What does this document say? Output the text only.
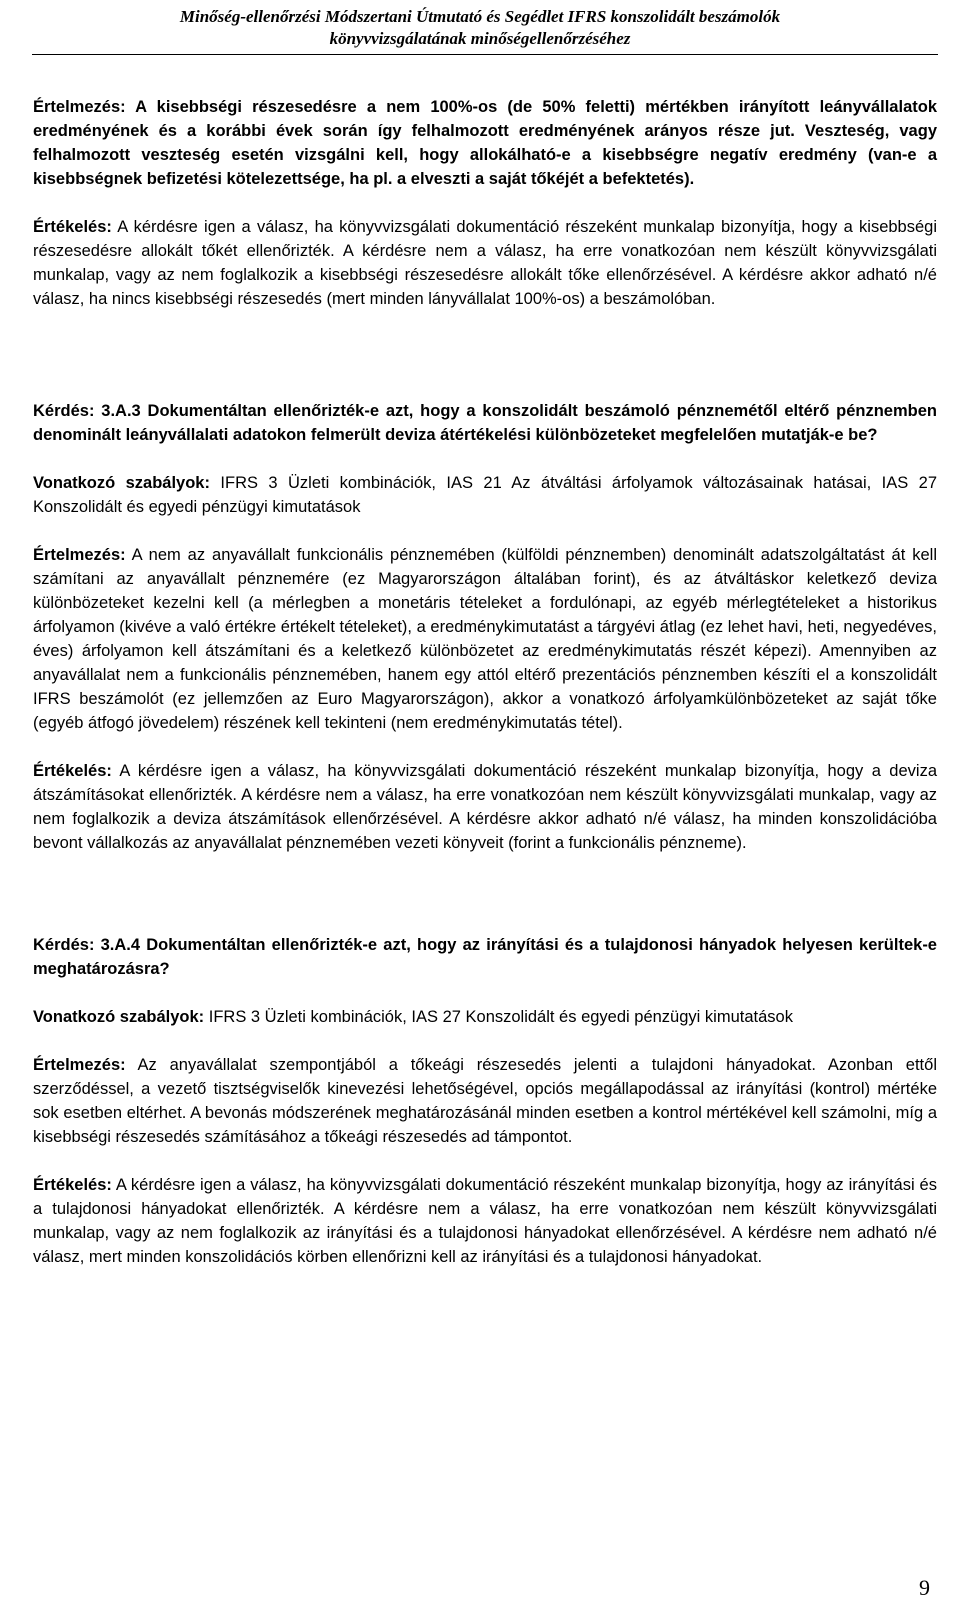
Minőség-ellenőrzési Módszertani Útmutató és Segédlet IFRS konszolidált beszámolók
könyvvizsgálatának minőségellenőrzéséhez

Értelmezés: A kisebbségi részesedésre a nem 100%-os (de 50% feletti) mértékben irányított leányvállalatok eredményének és a korábbi évek során így felhalmozott eredményének arányos része jut. Veszteség, vagy felhalmozott veszteség esetén vizsgálni kell, hogy allokálható-e a kisebbségre negatív eredmény (van-e a kisebbségnek befizetési kötelezettsége, ha pl. a elveszti a saját tőkéjét a befektetés).

Értékelés: A kérdésre igen a válasz, ha könyvvizsgálati dokumentáció részeként munkalap bizonyítja, hogy a kisebbségi részesedésre allokált tőkét ellenőrizték. A kérdésre nem a válasz, ha erre vonatkozóan nem készült könyvvizsgálati munkalap, vagy az nem foglalkozik a kisebbségi részesedésre allokált tőke ellenőrzésével. A kérdésre akkor adható n/é válasz, ha nincs kisebbségi részesedés (mert minden lányvállalat 100%-os) a beszámolóban.

Kérdés: 3.A.3 Dokumentáltan ellenőrizték-e azt, hogy a konszolidált beszámoló pénznemétől eltérő pénznemben denominált leányvállalati adatokon felmerült deviza átértékelési különbözeteket megfelelően mutatják-e be?

Vonatkozó szabályok: IFRS 3 Üzleti kombinációk, IAS 21 Az átváltási árfolyamok változásainak hatásai, IAS 27 Konszolidált és egyedi pénzügyi kimutatások

Értelmezés: A nem az anyavállalt funkcionális pénznemében (külföldi pénznemben) denominált adatszolgáltatást át kell számítani az anyavállalt pénznemére (ez Magyarországon általában forint), és az átváltáskor keletkező deviza különbözeteket kezelni kell (a mérlegben a monetáris tételeket a fordulónapi, az egyéb mérlegtételeket a historikus árfolyamon (kivéve a való értékre értékelt tételeket), a eredménykimutatást a tárgyévi átlag (ez lehet havi, heti, negyedéves, éves) árfolyamon kell átszámítani és a keletkező különbözetet az eredménykimutatás részét képezi). Amennyiben az anyavállalat nem a funkcionális pénznemében, hanem egy attól eltérő prezentációs pénznemben készíti el a konszolidált IFRS beszámolót (ez jellemzően az Euro Magyarországon), akkor a vonatkozó árfolyamkülönbözeteket az saját tőke (egyéb átfogó jövedelem) részének kell tekinteni (nem eredménykimutatás tétel).

Értékelés: A kérdésre igen a válasz, ha könyvvizsgálati dokumentáció részeként munkalap bizonyítja, hogy a deviza átszámításokat ellenőrizték. A kérdésre nem a válasz, ha erre vonatkozóan nem készült könyvvizsgálati munkalap, vagy az nem foglalkozik a deviza átszámítások ellenőrzésével. A kérdésre akkor adható n/é válasz, ha minden konszolidációba bevont vállalkozás az anyavállalat pénznemében vezeti könyveit (forint a funkcionális pénzneme).

Kérdés: 3.A.4 Dokumentáltan ellenőrizték-e azt, hogy az irányítási és a tulajdonosi hányadok helyesen kerültek-e meghatározásra?

Vonatkozó szabályok: IFRS 3 Üzleti kombinációk, IAS 27 Konszolidált és egyedi pénzügyi kimutatások

Értelmezés: Az anyavállalat szempontjából a tőkeági részesedés jelenti a tulajdoni hányadokat. Azonban ettől szerződéssel, a vezető tisztségviselők kinevezési lehetőségével, opciós megállapodással az irányítási (kontrol) mértéke sok esetben eltérhet. A bevonás módszerének meghatározásánál minden esetben a kontrol mértékével kell számolni, míg a kisebbségi részesedés számításához a tőkeági részesedés ad támpontot.

Értékelés: A kérdésre igen a válasz, ha könyvvizsgálati dokumentáció részeként munkalap bizonyítja, hogy az irányítási és a tulajdonosi hányadokat ellenőrizték. A kérdésre nem a válasz, ha erre vonatkozóan nem készült könyvvizsgálati munkalap, vagy az nem foglalkozik az irányítási és a tulajdonosi hányadokat ellenőrzésével. A kérdésre nem adható n/é válasz, mert minden konszolidációs körben ellenőrizni kell az irányítási és a tulajdonosi hányadokat.

9
